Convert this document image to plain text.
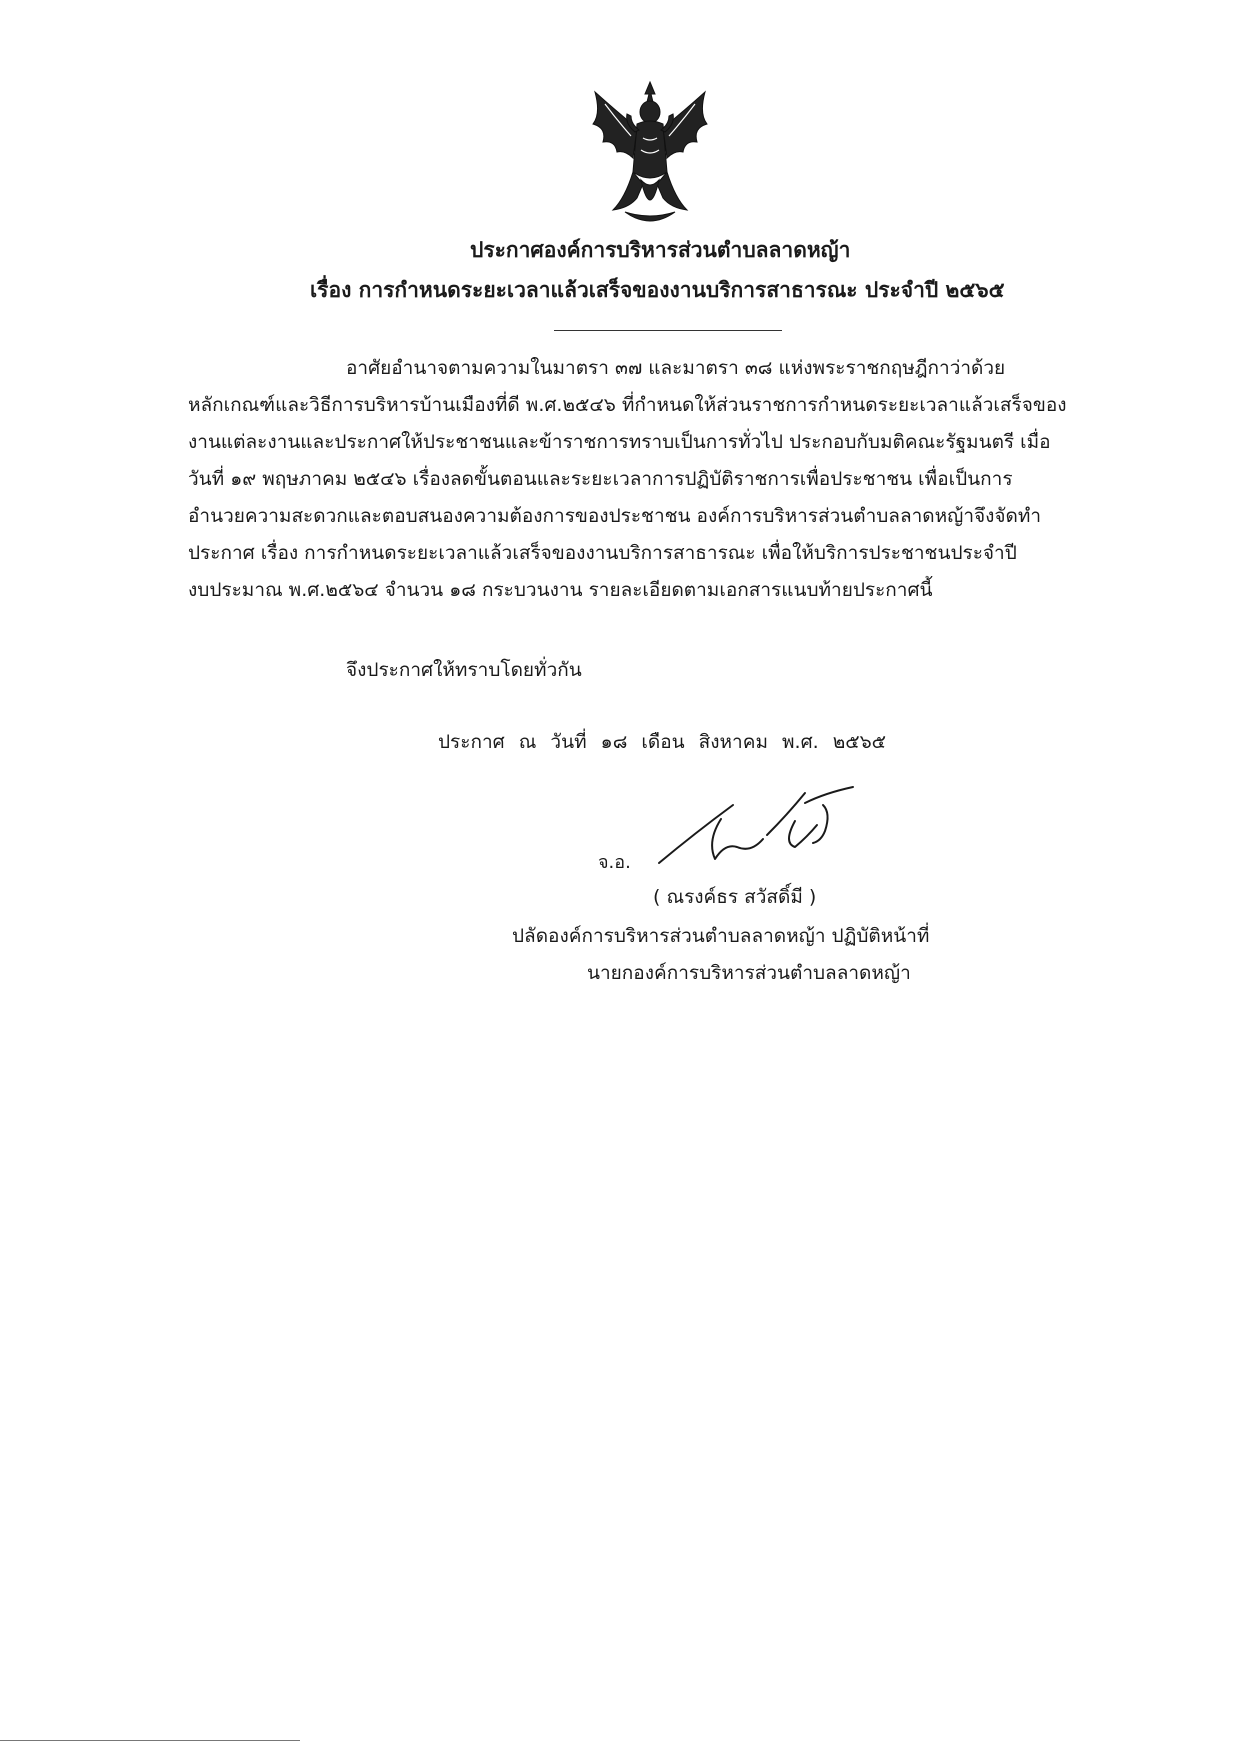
ประกาศองค์การบริหารส่วนตำบลลาดหญ้า
เรื่อง การกำหนดระยะเวลาแล้วเสร็จของงานบริการสาธารณะ ประจำปี ๒๕๖๕
อาศัยอำนาจตามความในมาตรา ๓๗ และมาตรา ๓๘ แห่งพระราชกฤษฎีกาว่าด้วย
หลักเกณฑ์และวิธีการบริหารบ้านเมืองที่ดี พ.ศ.๒๕๔๖ ที่กำหนดให้ส่วนราชการกำหนดระยะเวลาแล้วเสร็จของ
งานแต่ละงานและประกาศให้ประชาชนและข้าราชการทราบเป็นการทั่วไป ประกอบกับมติคณะรัฐมนตรี เมื่อ
วันที่ ๑๙ พฤษภาคม ๒๕๔๖ เรื่องลดขั้นตอนและระยะเวลาการปฏิบัติราชการเพื่อประชาชน เพื่อเป็นการ
อำนวยความสะดวกและตอบสนองความต้องการของประชาชน องค์การบริหารส่วนตำบลลาดหญ้าจึงจัดทำ
ประกาศ เรื่อง การกำหนดระยะเวลาแล้วเสร็จของงานบริการสาธารณะ เพื่อให้บริการประชาชนประจำปี
งบประมาณ พ.ศ.๒๕๖๔ จำนวน ๑๘ กระบวนงาน รายละเอียดตามเอกสารแนบท้ายประกาศนี้
จึงประกาศให้ทราบโดยทั่วกัน
ประกาศ ณ วันที่ ๑๘ เดือน สิงหาคม พ.ศ. ๒๕๖๕
จ.อ.
( ณรงค์ธร สวัสดิ์มี )
ปลัดองค์การบริหารส่วนตำบลลาดหญ้า ปฏิบัติหน้าที่
นายกองค์การบริหารส่วนตำบลลาดหญ้า
